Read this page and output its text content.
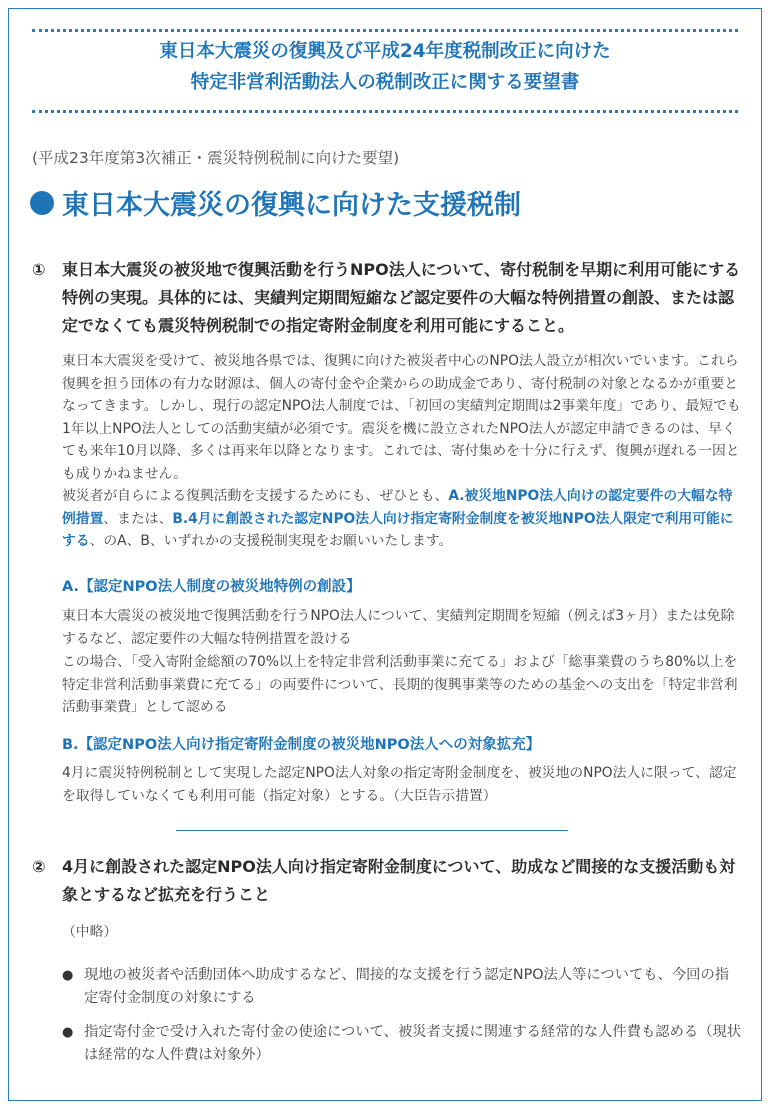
東日本大震災の復興及び平成24年度税制改正に向けた
特定非営利活動法人の税制改正に関する要望書
(平成23年度第3次補正・震災特例税制に向けた要望)
東日本大震災の復興に向けた支援税制
①	東日本大震災の被災地で復興活動を行うNPO法人について、寄付税制を早期に利用可能にする特例の実現。具体的には、実績判定期間短縮など認定要件の大幅な特例措置の創設、または認定でなくても震災特例税制での指定寄附金制度を利用可能にすること。
東日本大震災を受けて、被災地各県では、復興に向けた被災者中心のNPO法人設立が相次いでいます。これら復興を担う団体の有力な財源は、個人の寄付金や企業からの助成金であり、寄付税制の対象となるかが重要となってきます。しかし、現行の認定NPO法人制度では、「初回の実績判定期間は2事業年度」であり、最短でも1年以上NPO法人としての活動実績が必須です。震災を機に設立されたNPO法人が認定申請できるのは、早くても来年10月以降、多くは再来年以降となります。これでは、寄付集めを十分に行えず、復興が遅れる一因とも成りかねません。
被災者が自らによる復興活動を支援するためにも、ぜひとも、A.被災地NPO法人向けの認定要件の大幅な特例措置、または、B.4月に創設された認定NPO法人向け指定寄附金制度を被災地NPO法人限定で利用可能にする、のA、B、いずれかの支援税制実現をお願いいたします。
A.【認定NPO法人制度の被災地特例の創設】
東日本大震災の被災地で復興活動を行うNPO法人について、実績判定期間を短縮（例えば3ヶ月）または免除するなど、認定要件の大幅な特例措置を設ける
この場合、「受入寄附金総額の70%以上を特定非営利活動事業に充てる」および「総事業費のうち80%以上を特定非営利活動事業費に充てる」の両要件について、長期的復興事業等のための基金への支出を「特定非営利活動事業費」として認める
B.【認定NPO法人向け指定寄附金制度の被災地NPO法人への対象拡充】
4月に震災特例税制として実現した認定NPO法人対象の指定寄附金制度を、被災地のNPO法人に限って、認定を取得していなくても利用可能（指定対象）とする。（大臣告示措置）
②	4月に創設された認定NPO法人向け指定寄附金制度について、助成など間接的な支援活動も対象とするなど拡充を行うこと
（中略）
● 現地の被災者や活動団体へ助成するなど、間接的な支援を行う認定NPO法人等についても、今回の指定寄付金制度の対象にする
● 指定寄付金で受け入れた寄付金の使途について、被災者支援に関連する経常的な人件費も認める（現状は経常的な人件費は対象外）
